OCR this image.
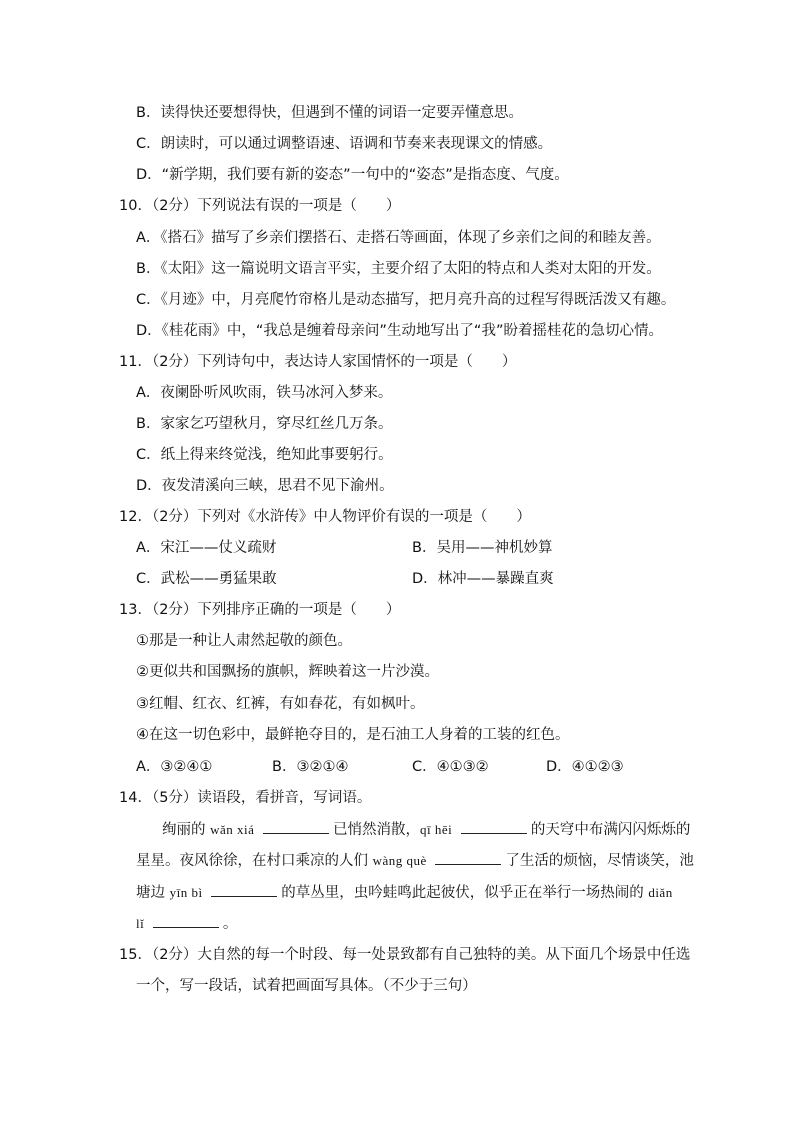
B．读得快还要想得快，但遇到不懂的词语一定要弄懂意思。
C．朗读时，可以通过调整语速、语调和节奏来表现课文的情感。
D．“新学期，我们要有新的姿态”一句中的“姿态”是指态度、气度。
10．（2分）下列说法有误的一项是（　　）
A．《搭石》描写了乡亲们摆搭石、走搭石等画面，体现了乡亲们之间的和睦友善。
B．《太阳》这一篇说明文语言平实，主要介绍了太阳的特点和人类对太阳的开发。
C．《月迹》中，月亮爬竹帘格儿是动态描写，把月亮升高的过程写得既活泼又有趣。
D．《桂花雨》中，“我总是缠着母亲问”生动地写出了“我”盼着摇桂花的急切心情。
11．（2分）下列诗句中，表达诗人家国情怀的一项是（　　）
A．夜阑卧听风吹雨，铁马冰河入梦来。
B．家家乞巧望秋月，穿尽红丝几万条。
C．纸上得来终觉浅，绝知此事要躬行。
D．夜发清溪向三峡，思君不见下渝州。
12．（2分）下列对《水浒传》中人物评价有误的一项是（　　）
A．宋江——仗义疏财	B．吴用——神机妙算
C．武松——勇猛果敢	D．林冲——暴躁直爽
13．（2分）下列排序正确的一项是（　　）
①那是一种让人肃然起敬的颜色。
②更似共和国飘扬的旗帜，辉映着这一片沙漠。
③红帽、红衣、红裤，有如春花，有如枫叶。
④在这一切色彩中，最鲜艳夺目的，是石油工人身着的工装的红色。
A．③②④①	B．③②①④	C．④①③②	D．④①②③
14．（5分）读语段，看拼音，写词语。
绚丽的 wǎn xiá	已悄然消散，qī hēi	的天穹中布满闪闪烁烁的
星星。夜风徐徐，在村口乘凉的人们 wàng què	了生活的烦恼，尽情谈笑，池
塘边 yīn bì	的草丛里，虫吟蛙鸣此起彼伏，似乎正在举行一场热闹的 diǎn
lǐ	。
15．（2分）大自然的每一个时段、每一处景致都有自己独特的美。从下面几个场景中任选
一个，写一段话，试着把画面写具体。（不少于三句）
